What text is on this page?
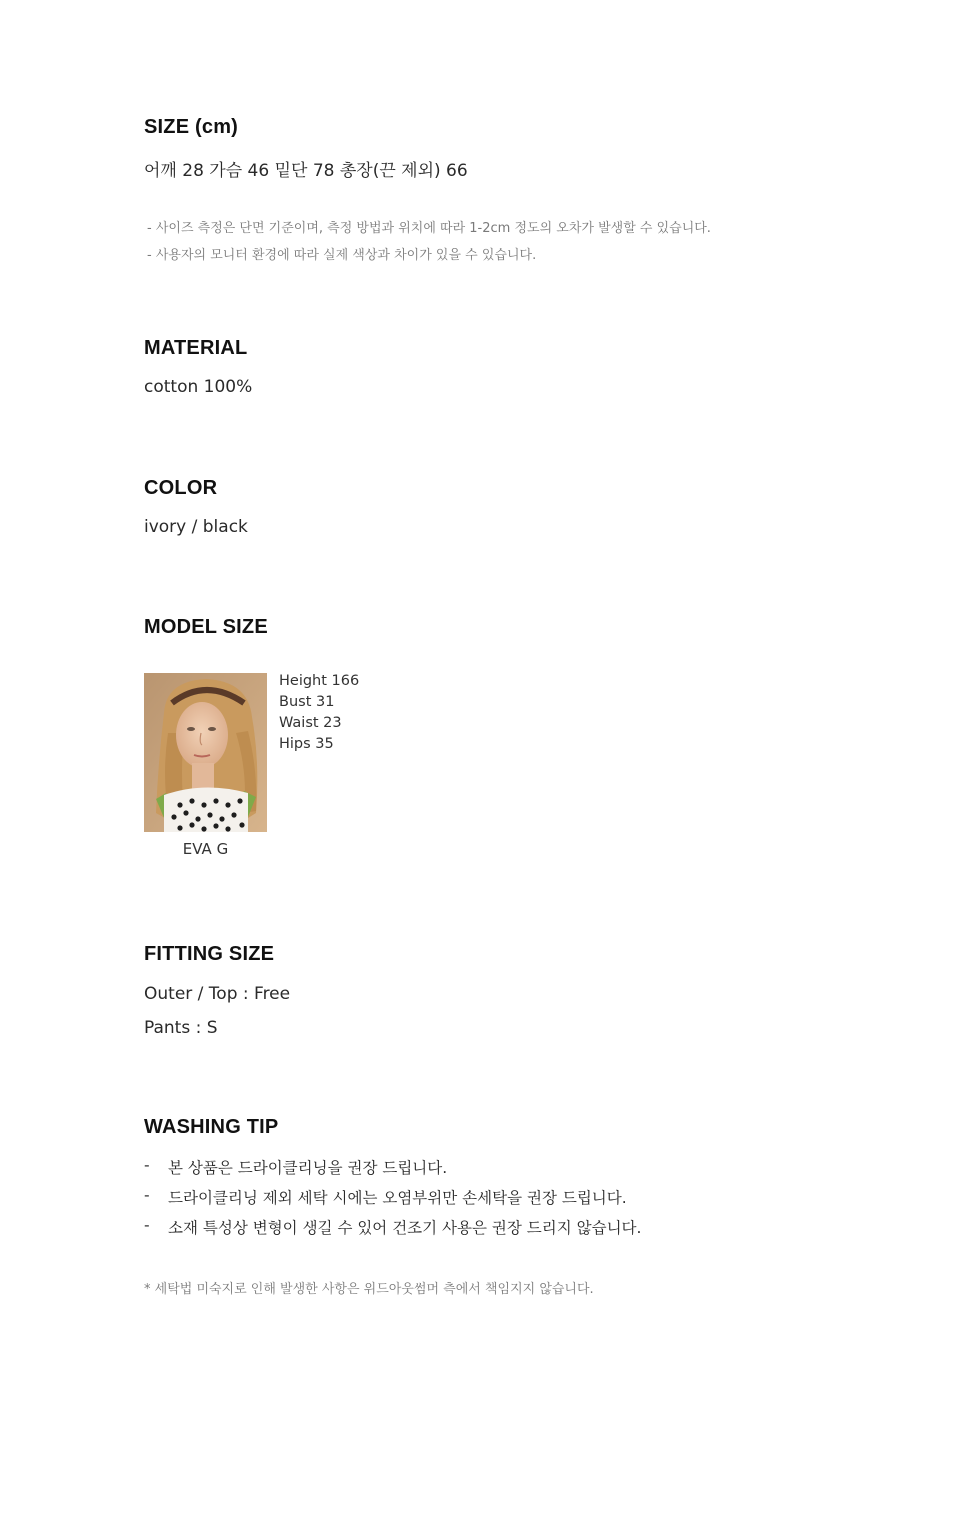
SIZE (cm)
어깨 28 가슴 46 밑단 78 총장(끈 제외) 66
- 사이즈 측정은 단면 기준이며, 측정 방법과 위치에 따라 1-2cm 정도의 오차가 발생할 수 있습니다.
- 사용자의 모니터 환경에 따라 실제 색상과 차이가 있을 수 있습니다.
MATERIAL
cotton 100%
COLOR
ivory / black
MODEL SIZE
Height 166
Bust 31
Waist 23
Hips 35
EVA G
FITTING SIZE
Outer / Top : Free
Pants : S
WASHING TIP
- 본 상품은 드라이클리닝을 권장 드립니다.
- 드라이클리닝 제외 세탁 시에는 오염부위만 손세탁을 권장 드립니다.
- 소재 특성상 변형이 생길 수 있어 건조기 사용은 권장 드리지 않습니다.
* 세탁법 미숙지로 인해 발생한 사항은 위드아웃썸머 측에서 책임지지 않습니다.
